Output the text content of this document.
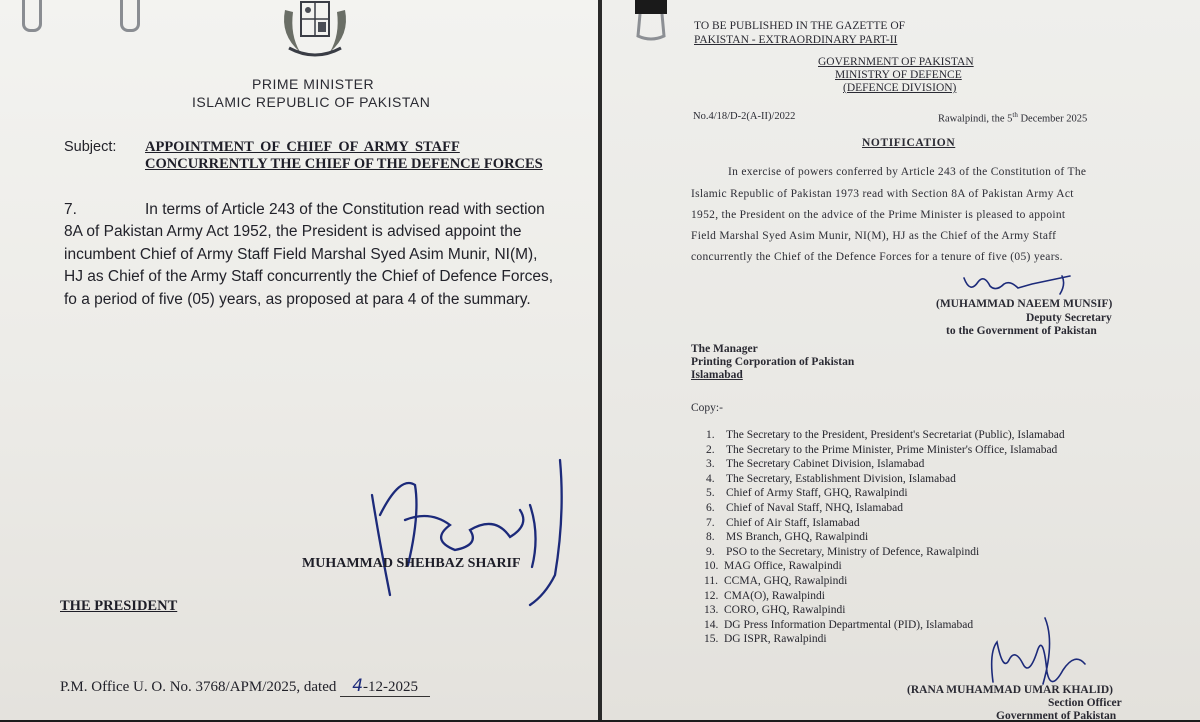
PRIME MINISTER
ISLAMIC REPUBLIC OF PAKISTAN
Subject: APPOINTMENT OF CHIEF OF ARMY STAFF
CONCURRENTLY THE CHIEF OF THE DEFENCE FORCES
7.	In terms of Article 243 of the Constitution read with section
8A of Pakistan Army Act 1952, the President is advised appoint the
incumbent Chief of Army Staff Field Marshal Syed Asim Munir, NI(M),
HJ as Chief of the Army Staff concurrently the Chief of Defence Forces,
fo a period of five (05) years, as proposed at para 4 of the summary.
MUHAMMAD SHEHBAZ SHARIF
THE PRESIDENT
P.M. Office U. O. No. 3768/APM/2025, dated 4-12-2025
TO BE PUBLISHED IN THE GAZETTE OF
PAKISTAN - EXTRAORDINARY PART-II
GOVERNMENT OF PAKISTAN
MINISTRY OF DEFENCE
(DEFENCE DIVISION)
No.4/18/D-2(A-II)/2022	Rawalpindi, the 5th December 2025
NOTIFICATION
In exercise of powers conferred by Article 243 of the Constitution of The
Islamic Republic of Pakistan 1973 read with Section 8A of Pakistan Army Act
1952, the President on the advice of the Prime Minister is pleased to appoint
Field Marshal Syed Asim Munir, NI(M), HJ as the Chief of the Army Staff
concurrently the Chief of the Defence Forces for a tenure of five (05) years.
(MUHAMMAD NAEEM MUNSIF)
Deputy Secretary
to the Government of Pakistan
The Manager
Printing Corporation of Pakistan
Islamabad
Copy:-
1. The Secretary to the President, President's Secretariat (Public), Islamabad
2. The Secretary to the Prime Minister, Prime Minister's Office, Islamabad
3. The Secretary Cabinet Division, Islamabad
4. The Secretary, Establishment Division, Islamabad
5. Chief of Army Staff, GHQ, Rawalpindi
6. Chief of Naval Staff, NHQ, Islamabad
7. Chief of Air Staff, Islamabad
8. MS Branch, GHQ, Rawalpindi
9. PSO to the Secretary, Ministry of Defence, Rawalpindi
10. MAG Office, Rawalpindi
11. CCMA, GHQ, Rawalpindi
12. CMA(O), Rawalpindi
13. CORO, GHQ, Rawalpindi
14. DG Press Information Departmental (PID), Islamabad
15. DG ISPR, Rawalpindi
(RANA MUHAMMAD UMAR KHALID)
Section Officer
Government of Pakistan
